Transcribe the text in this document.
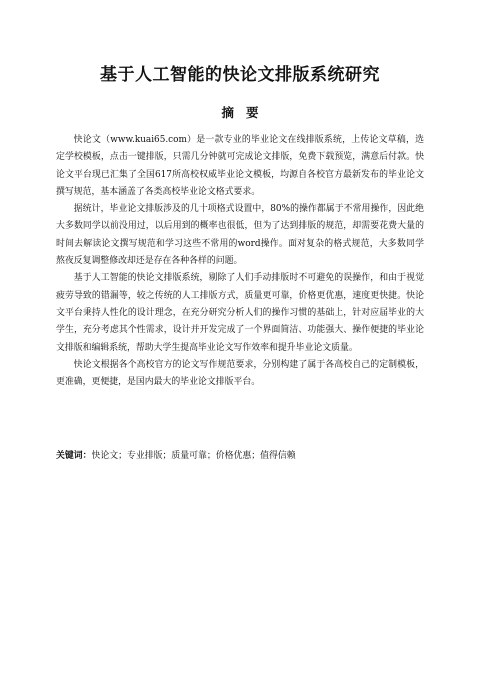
基于人工智能的快论文排版系统研究
摘要

快论文（www.kuai65.com）是一款专业的毕业论文在线排版系统，上传论文草稿，选定学校模板，点击一键排版，只需几分钟就可完成论文排版，免费下载预览，满意后付款。快论文平台现已汇集了全国617所高校权威毕业论文模板，均源自各校官方最新发布的毕业论文撰写规范，基本涵盖了各类高校毕业论文格式要求。

据统计，毕业论文排版涉及的几十项格式设置中，80%的操作都属于不常用操作，因此绝大多数同学以前没用过，以后用到的概率也很低，但为了达到排版的规范，却需要花费大量的时间去解读论文撰写规范和学习这些不常用的word操作。面对复杂的格式规范，大多数同学熬夜反复调整修改却还是存在各种各样的问题。

基于人工智能的快论文排版系统，剔除了人们手动排版时不可避免的误操作，和由于视觉疲劳导致的错漏等，较之传统的人工排版方式，质量更可靠，价格更优惠，速度更快捷。快论文平台秉持人性化的设计理念，在充分研究分析人们的操作习惯的基础上，针对应届毕业的大学生，充分考虑其个性需求，设计并开发完成了一个界面简洁、功能强大、操作便捷的毕业论文排版和编辑系统，帮助大学生提高毕业论文写作效率和提升毕业论文质量。

快论文根据各个高校官方的论文写作规范要求，分别构建了属于各高校自己的定制模板，更准确，更便捷，是国内最大的毕业论文排版平台。

关键词：快论文；专业排版；质量可靠；价格优惠；值得信赖
